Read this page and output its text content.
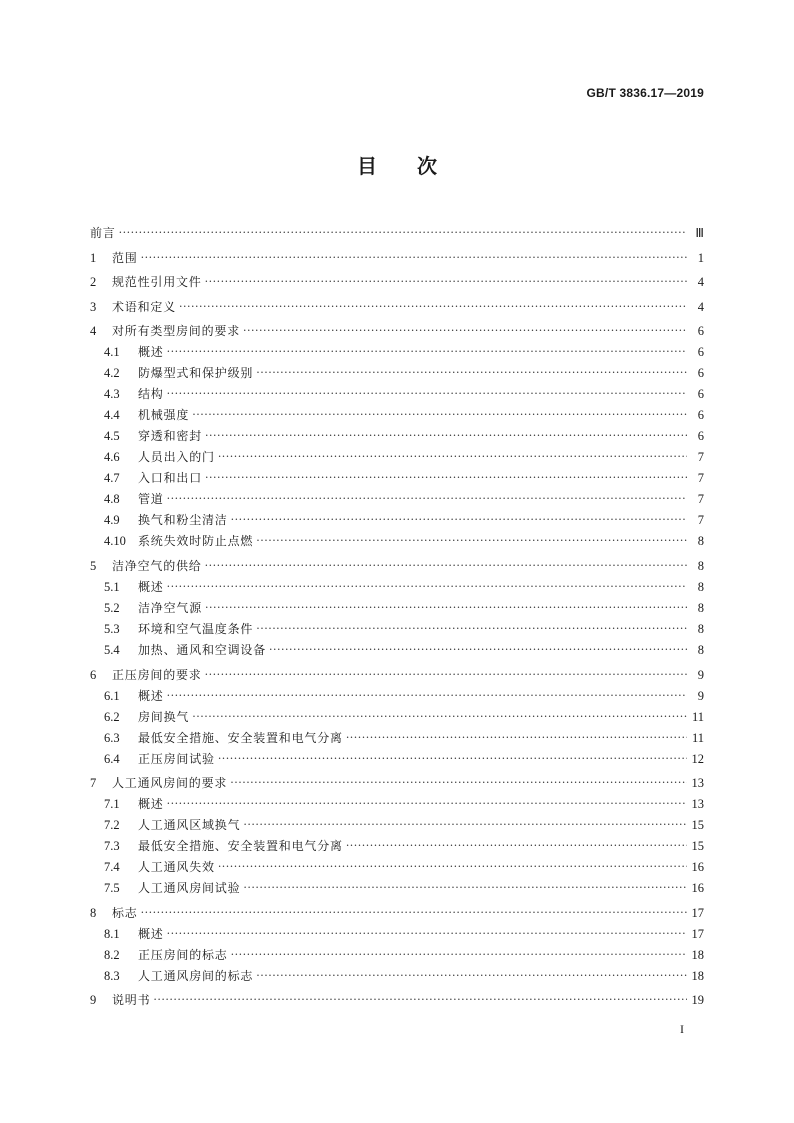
GB/T 3836.17—2019
目　　次
前言 ·····	Ⅲ
1	范围 ·····	1
2	规范性引用文件 ·····	4
3	术语和定义 ·····	4
4	对所有类型房间的要求 ·····	6
4.1	概述 ·····	6
4.2	防爆型式和保护级别 ·····	6
4.3	结构 ·····	6
4.4	机械强度 ·····	6
4.5	穿透和密封 ·····	6
4.6	人员出入的门 ·····	7
4.7	入口和出口 ·····	7
4.8	管道 ·····	7
4.9	换气和粉尘清洁 ·····	7
4.10	系统失效时防止点燃 ·····	8
5	洁净空气的供给 ·····	8
5.1	概述 ·····	8
5.2	洁净空气源 ·····	8
5.3	环境和空气温度条件 ·····	8
5.4	加热、通风和空调设备 ·····	8
6	正压房间的要求 ·····	9
6.1	概述 ·····	9
6.2	房间换气 ·····	11
6.3	最低安全措施、安全装置和电气分离 ·····	11
6.4	正压房间试验 ·····	12
7	人工通风房间的要求 ·····	13
7.1	概述 ·····	13
7.2	人工通风区域换气 ·····	15
7.3	最低安全措施、安全装置和电气分离 ·····	15
7.4	人工通风失效 ·····	16
7.5	人工通风房间试验 ·····	16
8	标志 ·····	17
8.1	概述 ·····	17
8.2	正压房间的标志 ·····	18
8.3	人工通风房间的标志 ·····	18
9	说明书 ·····	19
I
